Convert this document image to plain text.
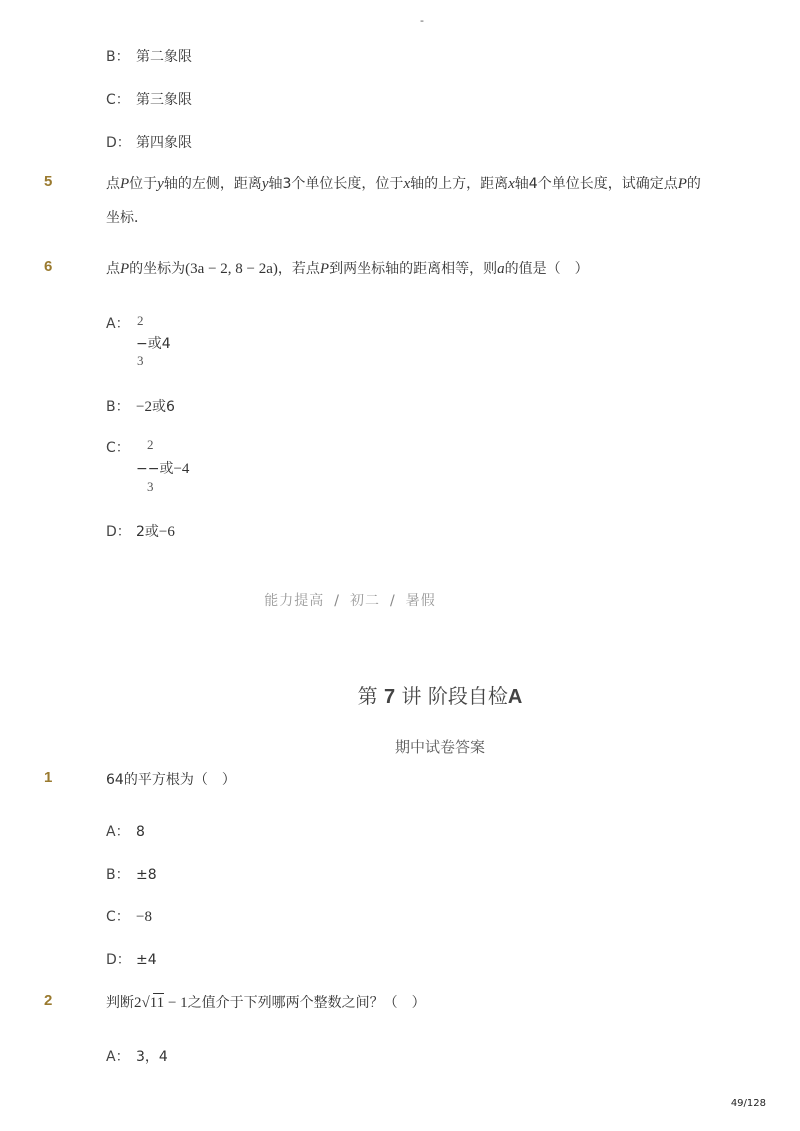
-
B： 第二象限
C： 第三象限
D： 第四象限
5	点P位于y轴的左侧，距离y轴3个单位长度，位于x轴的上方，距离x轴4个单位长度，试确定点P的
坐标．
6	点P的坐标为(3a − 2, 8 − 2a)，若点P到两坐标轴的距离相等，则a的值是（　）
A： 2
−或4
3
B： −2或6
C： 2
−−或−4
3
D： 2或−6
能力提高 / 初二 / 暑假
第 7 讲 阶段自检A
期中试卷答案
1	64的平方根为（　）
A： 8
B： ±8
C： −8
D： ±4
2	判断2√11
− 1之值介于下列哪两个整数之间？（　）
A： 3，4
49/128
